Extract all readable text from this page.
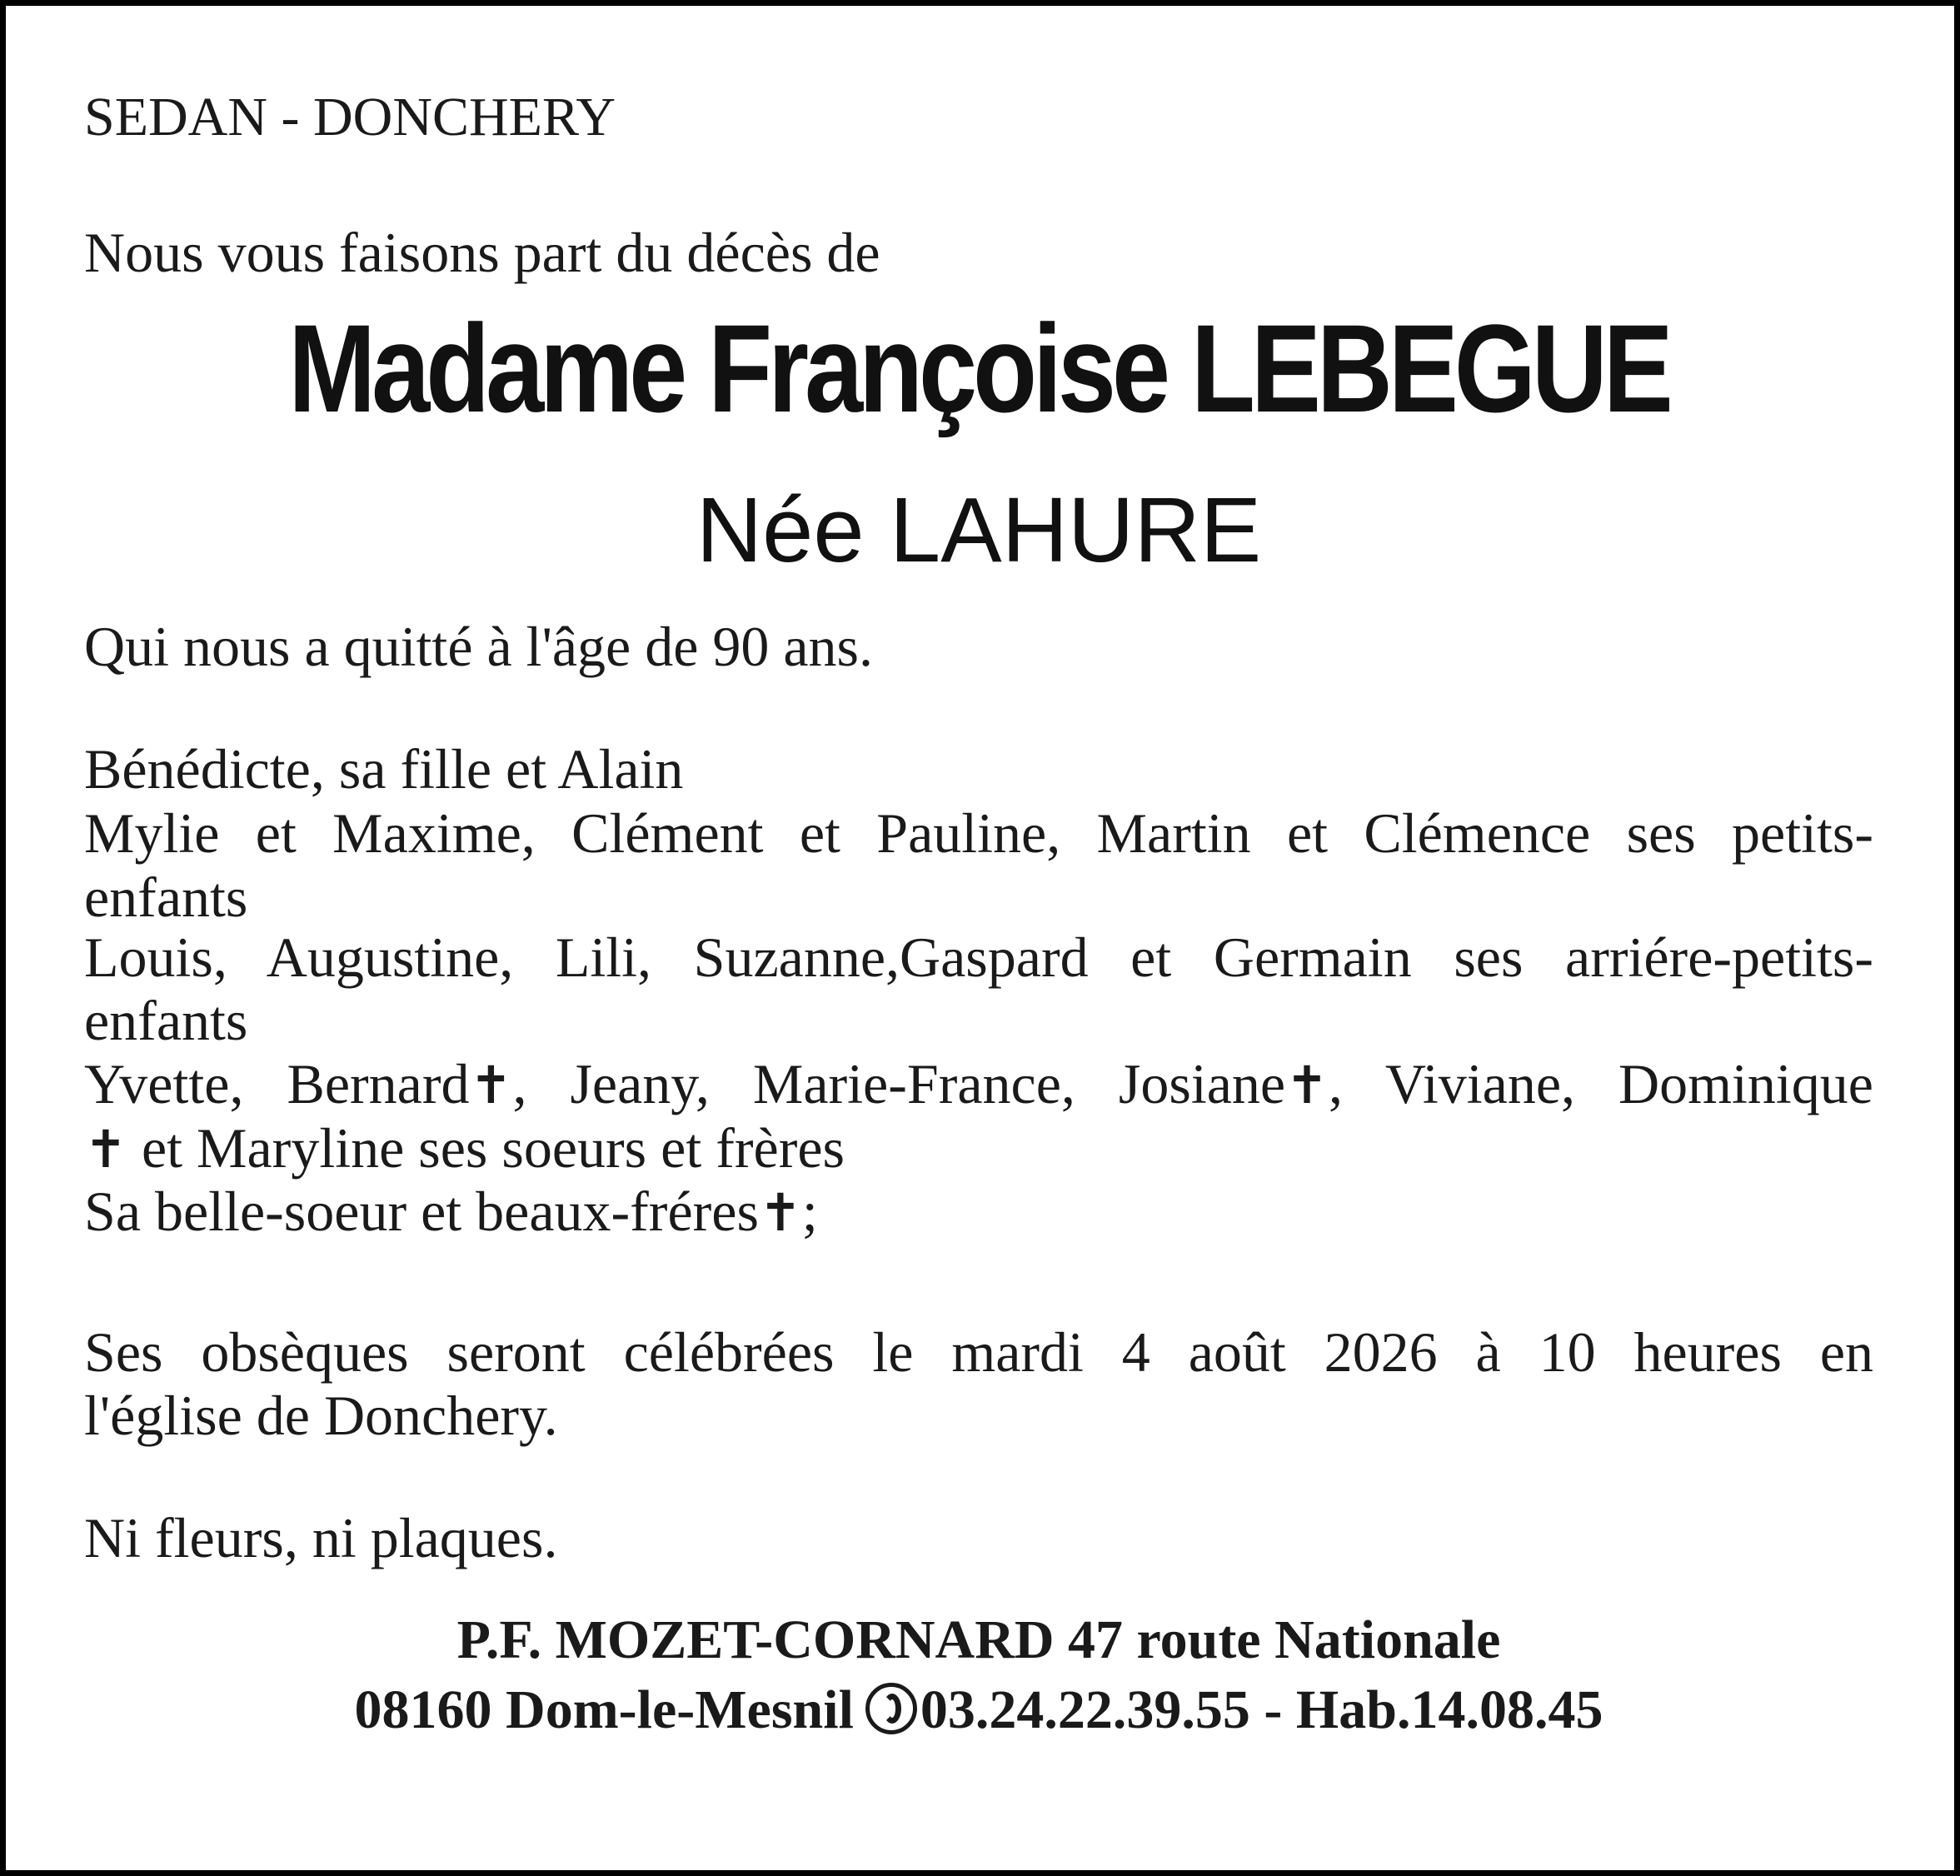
SEDAN - DONCHERY
Nous vous faisons part du décès de
Madame Françoise LEBEGUE
Née LAHURE
Qui nous a quitté à l'âge de 90 ans.
Bénédicte, sa fille et Alain
Mylie et Maxime, Clément et Pauline, Martin et Clémence ses petits-
enfants
Louis, Augustine, Lili, Suzanne,Gaspard et Germain ses arriére-petits-
enfants
Yvette, Bernard✝, Jeany, Marie-France, Josiane✝, Viviane, Dominique
✝ et Maryline ses soeurs et frères
Sa belle-soeur et beaux-fréres✝;
Ses obsèques seront célébrées le mardi 4 août 2026 à 10 heures en
l'église de Donchery.
Ni fleurs, ni plaques.
P.F. MOZET-CORNARD 47 route Nationale
08160 Dom-le-Mesnil 03.24.22.39.55 - Hab.14.08.45
